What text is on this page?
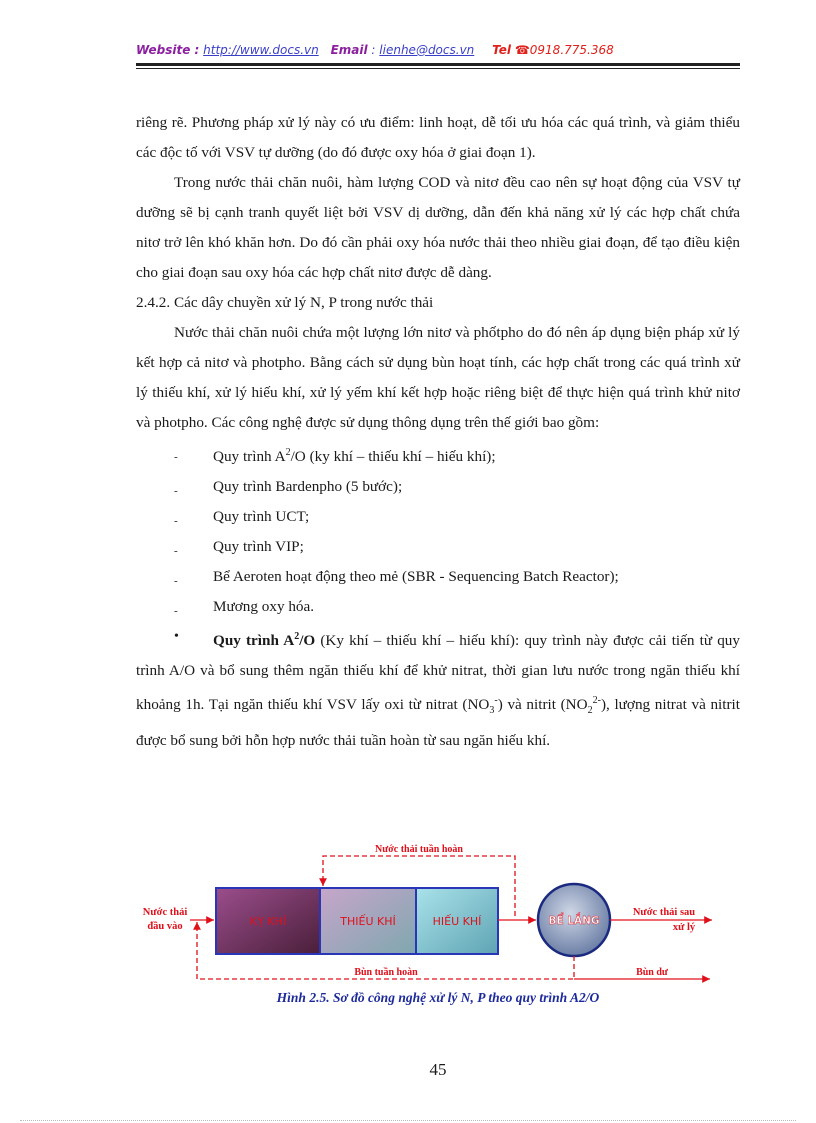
Website : http://www.docs.vn Email : lienhe@docs.vn Tel ☎0918.775.368

riêng rẽ. Phương pháp xử lý này có ưu điểm: linh hoạt, dễ tối ưu hóa các quá trình, và giảm thiểu các độc tố với VSV tự dưỡng (do đó được oxy hóa ở giai đoạn 1).

Trong nước thải chăn nuôi, hàm lượng COD và nitơ đều cao nên sự hoạt động của VSV tự dưỡng sẽ bị cạnh tranh quyết liệt bởi VSV dị dưỡng, dẫn đến khả năng xử lý các hợp chất chứa nitơ trở lên khó khăn hơn. Do đó cần phải oxy hóa nước thải theo nhiều giai đoạn, để tạo điều kiện cho giai đoạn sau oxy hóa các hợp chất nitơ được dễ dàng.

2.4.2. Các dây chuyền xử lý N, P trong nước thải

Nước thải chăn nuôi chứa một lượng lớn nitơ và phốtpho do đó nên áp dụng biện pháp xử lý kết hợp cả nitơ và photpho. Bằng cách sử dụng bùn hoạt tính, các hợp chất trong các quá trình xử lý thiếu khí, xử lý hiếu khí, xử lý yếm khí kết hợp hoặc riêng biệt để thực hiện quá trình khử nitơ và photpho. Các công nghệ được sử dụng thông dụng trên thế giới bao gồm:

- Quy trình $A^2/O$ (ky khí – thiếu khí – hiếu khí);
- Quy trình Bardenpho (5 bước);
- Quy trình UCT;
- Quy trình VIP;
- Bể Aeroten hoạt động theo mẻ (SBR - Sequencing Batch Reactor);
- Mương oxy hóa.

• Quy trình $A^2/O$ (Ky khí – thiếu khí – hiếu khí): quy trình này được cải tiến từ quy trình A/O và bổ sung thêm ngăn thiếu khí để khử nitrat, thời gian lưu nước trong ngăn thiếu khí khoảng 1h. Tại ngăn thiếu khí VSV lấy oxi từ nitrat $(NO_3^-)$ và nitrit $(NO_2^{2-})$, lượng nitrat và nitrit được bổ sung bởi hỗn hợp nước thải tuần hoàn từ sau ngăn hiếu khí.

Nước thải tuần hoàn
Nước thải
đầu vào	KỴ KHÍ	THIẾU KHÍ	HIẾU KHÍ	BỂ LẮNG
Nước thải sau
xử lý
Bùn tuần hoàn	Bùn dư
Hình 2.5. Sơ đồ công nghệ xử lý N, P theo quy trình A2/O
45
